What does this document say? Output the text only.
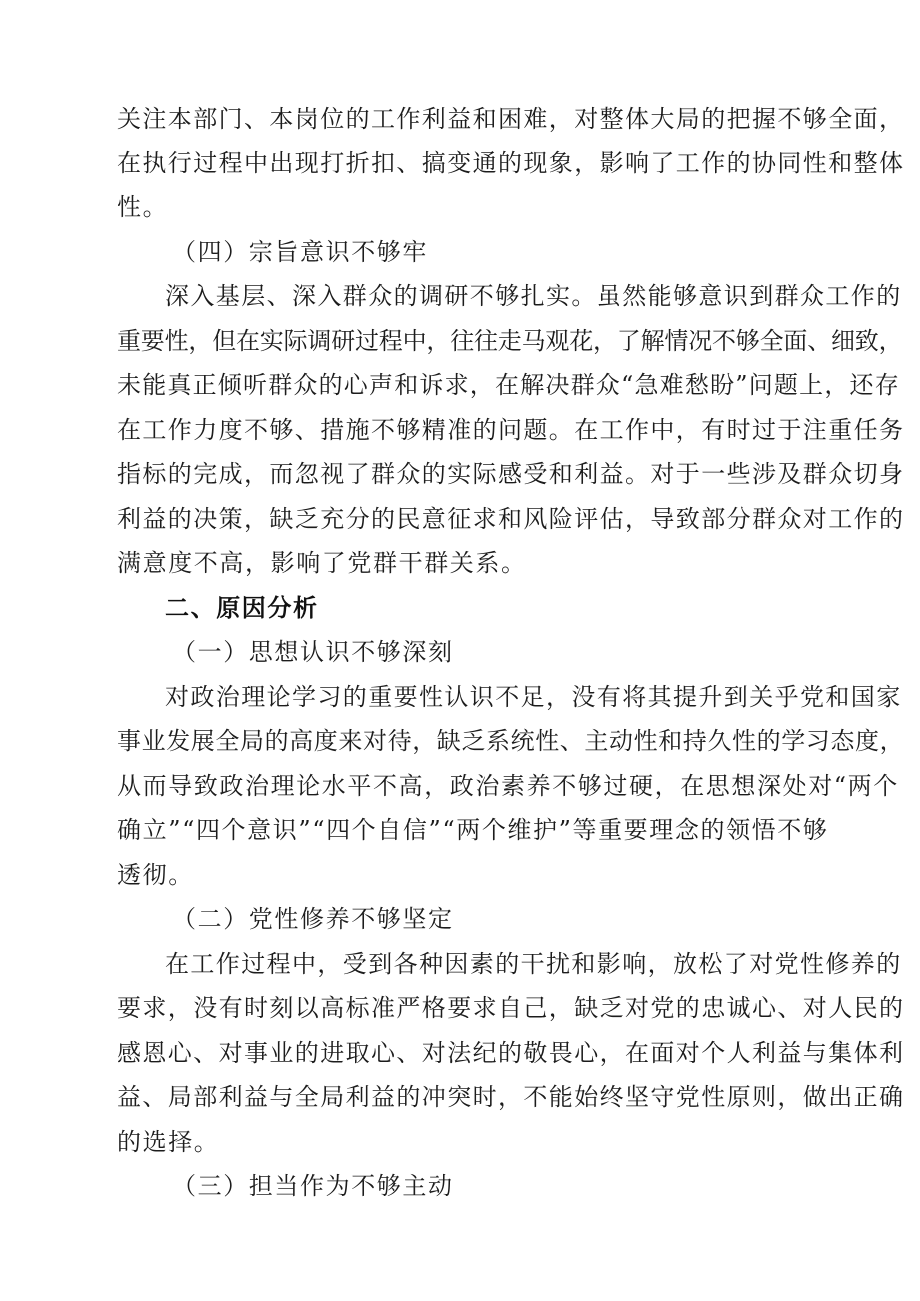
关注本部门、本岗位的工作利益和困难，对整体大局的把握不够全面，
在执行过程中出现打折扣、搞变通的现象，影响了工作的协同性和整体
性。
（四）宗旨意识不够牢
深入基层、深入群众的调研不够扎实。虽然能够意识到群众工作的
重要性，但在实际调研过程中，往往走马观花，了解情况不够全面、细致，
未能真正倾听群众的心声和诉求，在解决群众“急难愁盼”问题上，还存
在工作力度不够、措施不够精准的问题。在工作中，有时过于注重任务
指标的完成，而忽视了群众的实际感受和利益。对于一些涉及群众切身
利益的决策，缺乏充分的民意征求和风险评估，导致部分群众对工作的
满意度不高，影响了党群干群关系。
二、原因分析
（一）思想认识不够深刻
对政治理论学习的重要性认识不足，没有将其提升到关乎党和国家
事业发展全局的高度来对待，缺乏系统性、主动性和持久性的学习态度，
从而导致政治理论水平不高，政治素养不够过硬，在思想深处对“两个
确立”“四个意识”“四个自信”“两个维护”等重要理念的领悟不够
透彻。
（二）党性修养不够坚定
在工作过程中，受到各种因素的干扰和影响，放松了对党性修养的
要求，没有时刻以高标准严格要求自己，缺乏对党的忠诚心、对人民的
感恩心、对事业的进取心、对法纪的敬畏心，在面对个人利益与集体利
益、局部利益与全局利益的冲突时，不能始终坚守党性原则，做出正确
的选择。
（三）担当作为不够主动
